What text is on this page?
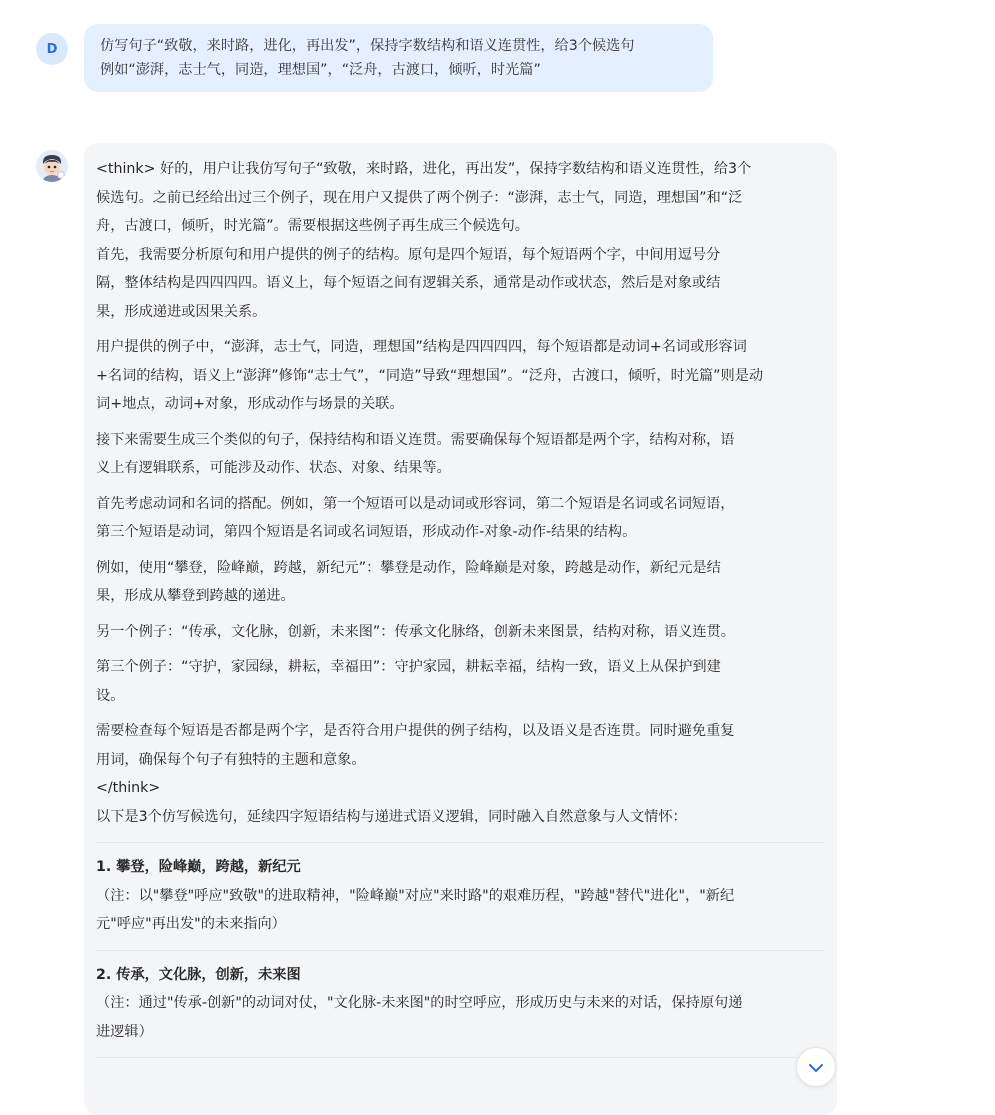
D	仿写句子“致敬，来时路，进化，再出发”，保持字数结构和语义连贯性，给3个候选句
例如“澎湃，志士气，同造，理想国”，“泛舟，古渡口，倾听，时光篇”

<think> 好的，用户让我仿写句子“致敬，来时路，进化，再出发”，保持字数结构和语义连贯性，给3个

候选句。之前已经给出过三个例子，现在用户又提供了两个例子：“澎湃，志士气，同造，理想国”和“泛

舟，古渡口，倾听，时光篇”。需要根据这些例子再生成三个候选句。

首先，我需要分析原句和用户提供的例子的结构。原句是四个短语，每个短语两个字，中间用逗号分

隔，整体结构是四四四四。语义上，每个短语之间有逻辑关系，通常是动作或状态，然后是对象或结

果，形成递进或因果关系。

用户提供的例子中，“澎湃，志士气，同造，理想国”结构是四四四四，每个短语都是动词+名词或形容词

+名词的结构，语义上“澎湃”修饰“志士气”，“同造”导致“理想国”。“泛舟，古渡口，倾听，时光篇”则是动

词+地点，动词+对象，形成动作与场景的关联。

接下来需要生成三个类似的句子，保持结构和语义连贯。需要确保每个短语都是两个字，结构对称，语

义上有逻辑联系，可能涉及动作、状态、对象、结果等。

首先考虑动词和名词的搭配。例如，第一个短语可以是动词或形容词，第二个短语是名词或名词短语，

第三个短语是动词，第四个短语是名词或名词短语，形成动作-对象-动作-结果的结构。

例如，使用“攀登，险峰巅，跨越，新纪元”：攀登是动作，险峰巅是对象，跨越是动作，新纪元是结

果，形成从攀登到跨越的递进。

另一个例子：“传承，文化脉，创新，未来图”：传承文化脉络，创新未来图景，结构对称，语义连贯。

第三个例子：“守护，家园绿，耕耘，幸福田”：守护家园，耕耘幸福，结构一致，语义上从保护到建

设。

需要检查每个短语是否都是两个字，是否符合用户提供的例子结构，以及语义是否连贯。同时避免重复

用词，确保每个句子有独特的主题和意象。

</think>

以下是3个仿写候选句，延续四字短语结构与递进式语义逻辑，同时融入自然意象与人文情怀：

1. 攀登，险峰巅，跨越，新纪元

（注：以"攀登"呼应"致敬"的进取精神，"险峰巅"对应"来时路"的艰难历程，"跨越"替代"进化"，"新纪

元"呼应"再出发"的未来指向）

2. 传承，文化脉，创新，未来图

（注：通过"传承-创新"的动词对仗，"文化脉-未来图"的时空呼应，形成历史与未来的对话，保持原句递

进逻辑）
